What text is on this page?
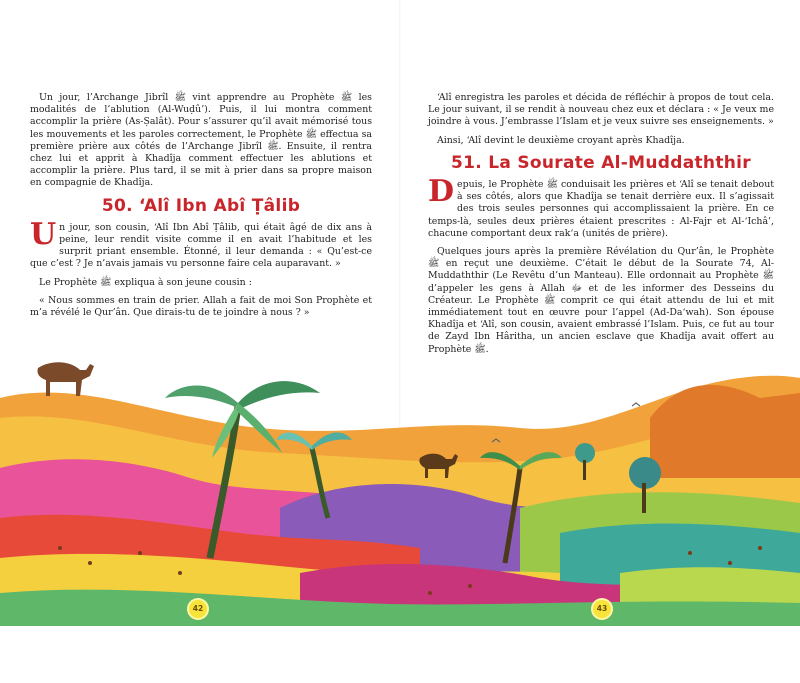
Un jour, l’Archange Jibrîl ﷺ vint apprendre au Prophète ﷺ les modalités de l’ablution (Al-Wuḍû’). Puis, il lui montra comment accomplir la prière (As-Ṣalât). Pour s’assurer qu’il avait mémorisé tous les mouvements et les paroles correctement, le Prophète ﷺ effectua sa première prière aux côtés de l’Archange Jibrîl ﷺ. Ensuite, il rentra chez lui et apprit à Khadîja comment effectuer les ablutions et accomplir la prière. Plus tard, il se mit à prier dans sa propre maison en compagnie de Khadîja.

50. ‘Alî Ibn Abî Ṭâlib

Un jour, son cousin, ‘Alî Ibn Abî Ṭâlib, qui était âgé de dix ans à peine, leur rendit visite comme il en avait l’habitude et les surprit priant ensemble. Étonné, il leur demanda : « Qu’est-ce que c’est ? Je n’avais jamais vu personne faire cela auparavant. »

Le Prophète ﷺ expliqua à son jeune cousin :

« Nous sommes en train de prier. Allah a fait de moi Son Prophète et m’a révélé le Qur’ân. Que dirais-tu de te joindre à nous ? »

‘Alî enregistra les paroles et décida de réfléchir à propos de tout cela. Le jour suivant, il se rendit à nouveau chez eux et déclara : « Je veux me joindre à vous. J’embrasse l’Islam et je veux suivre ses enseignements. »

Ainsi, ‘Alî devint le deuxième croyant après Khadîja.

51. La Sourate Al-Muddaththir

Depuis, le Prophète ﷺ conduisait les prières et ‘Alî se tenait debout à ses côtés, alors que Khadîja se tenait derrière eux. Il s’agissait des trois seules personnes qui accomplissaient la prière. En ce temps-là, seules deux prières étaient prescrites : Al-Fajr et Al-‘Ichâ’, chacune comportant deux rak‘a (unités de prière).

Quelques jours après la première Révélation du Qur’ân, le Prophète ﷺ en reçut une deuxième. C’était le début de la Sourate 74, Al-Muddaththir (Le Revêtu d’un Manteau). Elle ordonnait au Prophète ﷺ d’appeler les gens à Allah ﷻ et de les informer des Desseins du Créateur. Le Prophète ﷺ comprit ce qui était attendu de lui et mit immédiatement tout en œuvre pour l’appel (Ad-Da‘wah). Son épouse Khadîja et ‘Alî, son cousin, avaient embrassé l’Islam. Puis, ce fut au tour de Zayd Ibn Hâritha, un ancien esclave que Khadîja avait offert au Prophète ﷺ.

42	43
